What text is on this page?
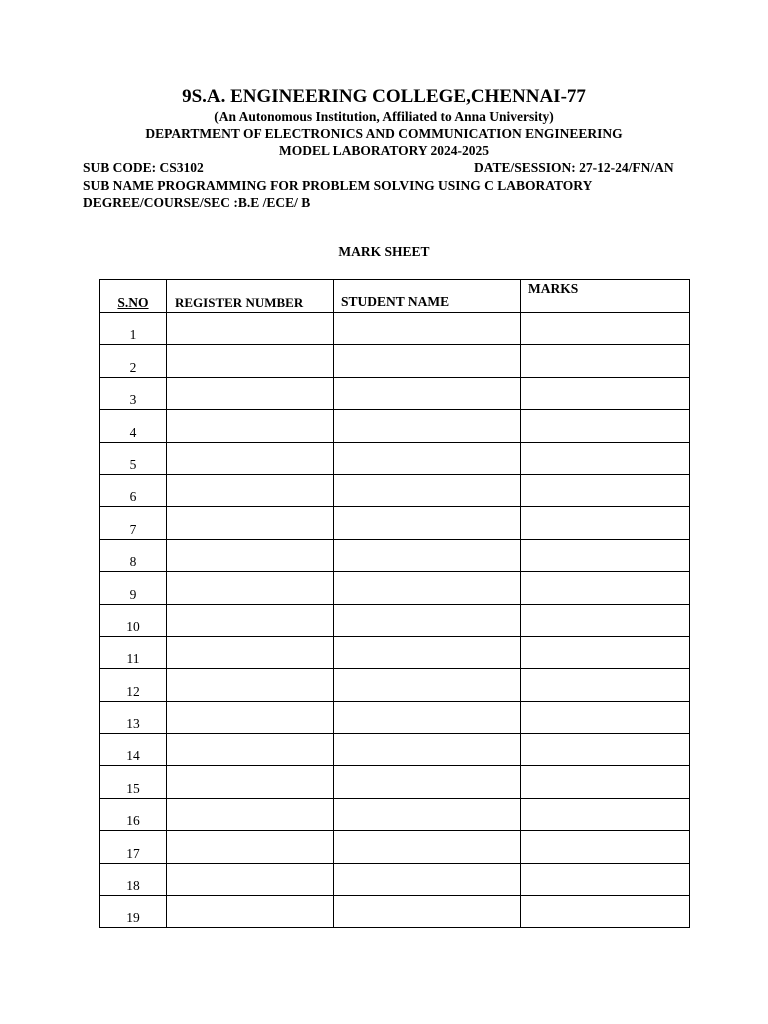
9S.A. ENGINEERING COLLEGE,CHENNAI-77
(An Autonomous Institution, Affiliated to Anna University)
DEPARTMENT OF ELECTRONICS AND COMMUNICATION ENGINEERING
MODEL LABORATORY 2024-2025
SUB CODE: CS3102	DATE/SESSION: 27-12-24/FN/AN
SUB NAME PROGRAMMING FOR PROBLEM SOLVING USING C LABORATORY
DEGREE/COURSE/SEC :B.E /ECE/ B
MARK SHEET
S.NO	REGISTER NUMBER	STUDENT NAME	MARKS
1			
2			
3			
4			
5			
6			
7			
8			
9			
10			
11			
12			
13			
14			
15			
16			
17			
18			
19			
